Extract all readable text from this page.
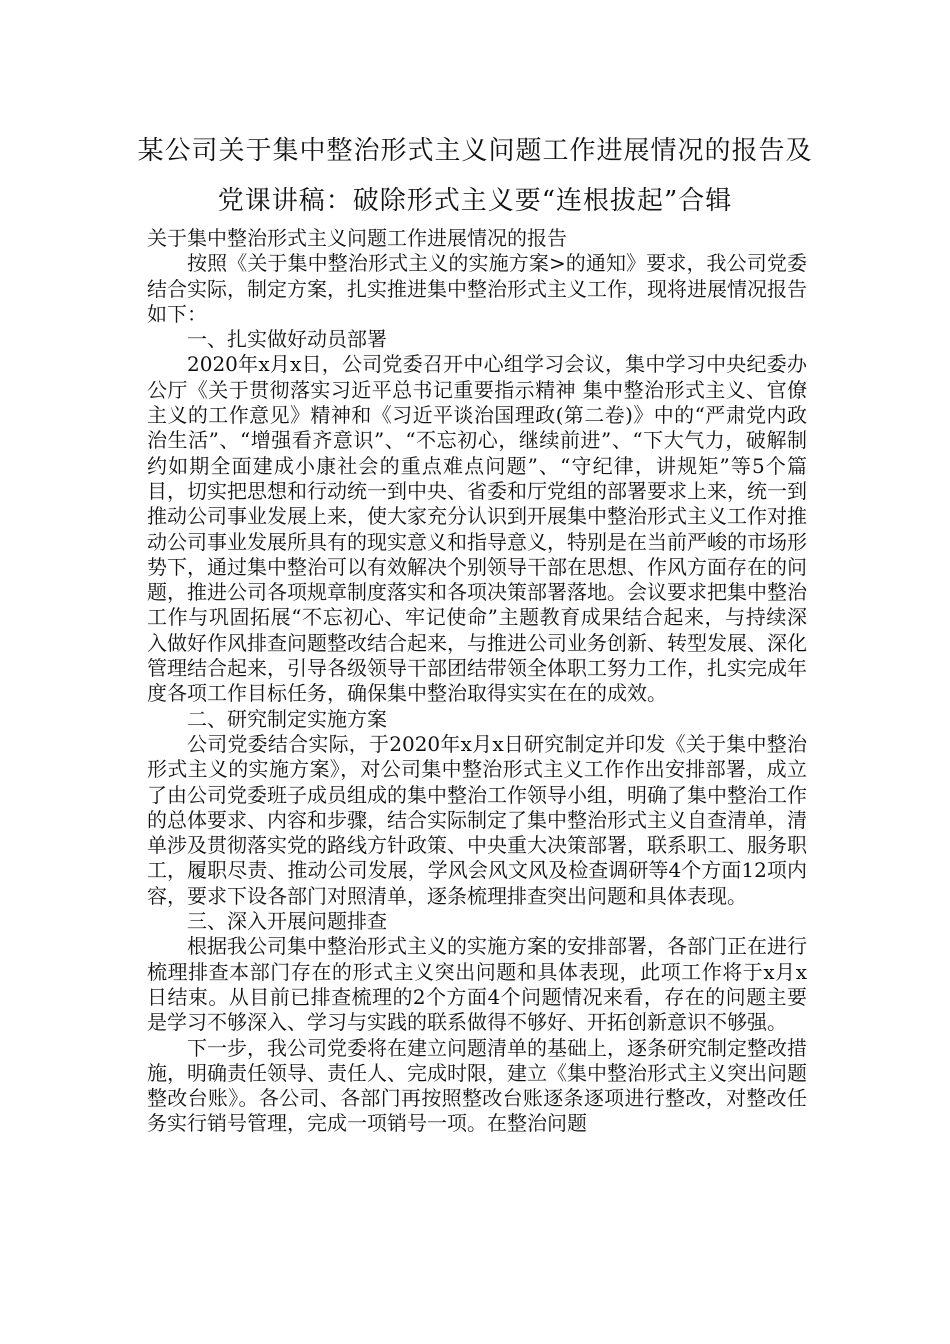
某公司关于集中整治形式主义问题工作进展情况的报告及
党课讲稿：破除形式主义要“连根拔起”合辑

关于集中整治形式主义问题工作进展情况的报告

按照《关于集中整治形式主义的实施方案>的通知》要求，我公司党委结合实际，制定方案，扎实推进集中整治形式主义工作，现将进展情况报告如下：

一、扎实做好动员部署

2020年x月x日，公司党委召开中心组学习会议，集中学习中央纪委办公厅《关于贯彻落实习近平总书记重要指示精神 集中整治形式主义、官僚主义的工作意见》精神和《习近平谈治国理政(第二卷)》中的“严肃党内政治生活”、“增强看齐意识”、“不忘初心，继续前进”、“下大气力，破解制约如期全面建成小康社会的重点难点问题”、“守纪律，讲规矩”等5个篇目，切实把思想和行动统一到中央、省委和厅党组的部署要求上来，统一到推动公司事业发展上来，使大家充分认识到开展集中整治形式主义工作对推动公司事业发展所具有的现实意义和指导意义，特别是在当前严峻的市场形势下，通过集中整治可以有效解决个别领导干部在思想、作风方面存在的问题，推进公司各项规章制度落实和各项决策部署落地。会议要求把集中整治工作与巩固拓展“不忘初心、牢记使命”主题教育成果结合起来，与持续深入做好作风排查问题整改结合起来，与推进公司业务创新、转型发展、深化管理结合起来，引导各级领导干部团结带领全体职工努力工作，扎实完成年度各项工作目标任务，确保集中整治取得实实在在的成效。

二、研究制定实施方案

公司党委结合实际，于2020年x月x日研究制定并印发《关于集中整治形式主义的实施方案》，对公司集中整治形式主义工作作出安排部署，成立了由公司党委班子成员组成的集中整治工作领导小组，明确了集中整治工作的总体要求、内容和步骤，结合实际制定了集中整治形式主义自查清单，清单涉及贯彻落实党的路线方针政策、中央重大决策部署，联系职工、服务职工，履职尽责、推动公司发展，学风会风文风及检查调研等4个方面12项内容，要求下设各部门对照清单，逐条梳理排查突出问题和具体表现。

三、深入开展问题排查

根据我公司集中整治形式主义的实施方案的安排部署，各部门正在进行梳理排查本部门存在的形式主义突出问题和具体表现，此项工作将于x月x日结束。从目前已排查梳理的2个方面4个问题情况来看，存在的问题主要是学习不够深入、学习与实践的联系做得不够好、开拓创新意识不够强。

下一步，我公司党委将在建立问题清单的基础上，逐条研究制定整改措施，明确责任领导、责任人、完成时限，建立《集中整治形式主义突出问题整改台账》。各公司、各部门再按照整改台账逐条逐项进行整改，对整改任务实行销号管理，完成一项销号一项。在整治问题
